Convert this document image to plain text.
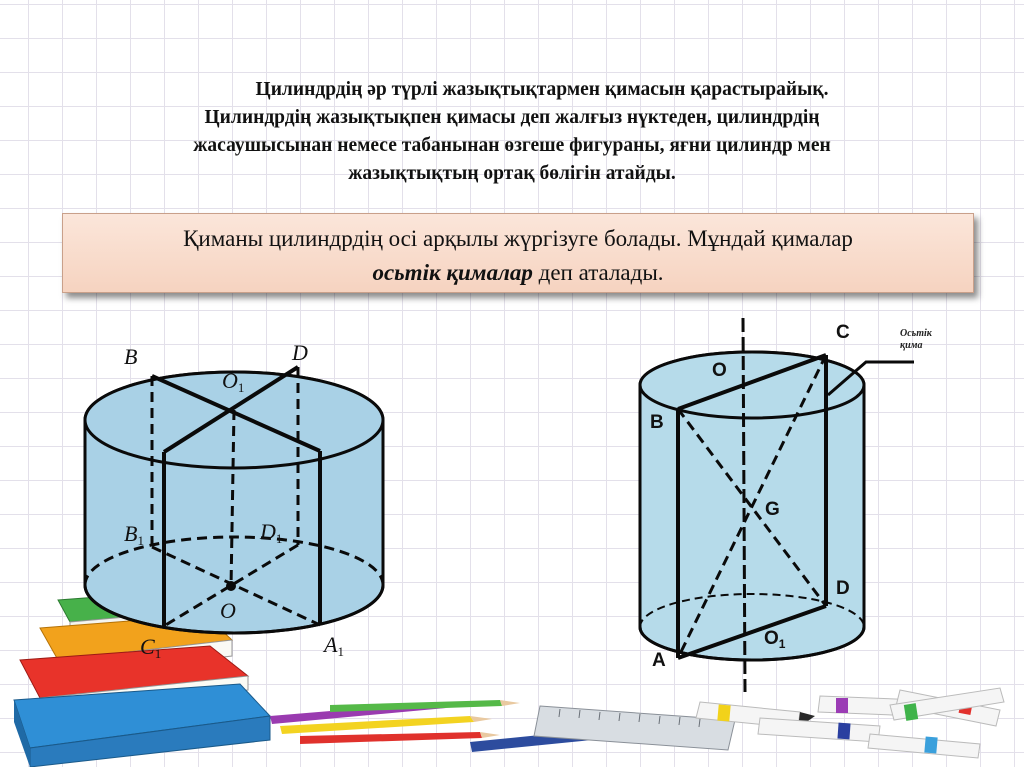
Цилиндрдің әр түрлі жазықтықтармен қимасын қарастырайық.
Цилиндрдің жазықтықпен қимасы деп жалғыз нүктеден, цилиндрдің
жасаушысынан немесе табанынан өзгеше фигураны, яғни цилиндр мен
жазықтықтың ортақ бөлігін атайды.
Қиманы цилиндрдің осі арқылы жүргізуге болады. Мұндай қималар
осьтік қималар деп аталады.
B	D
$O_1$
$B_1$	$D_1$
O
$C_1$	$A_1$
C
O
B
G
D
$O_1$
A
Осьтік
қима
